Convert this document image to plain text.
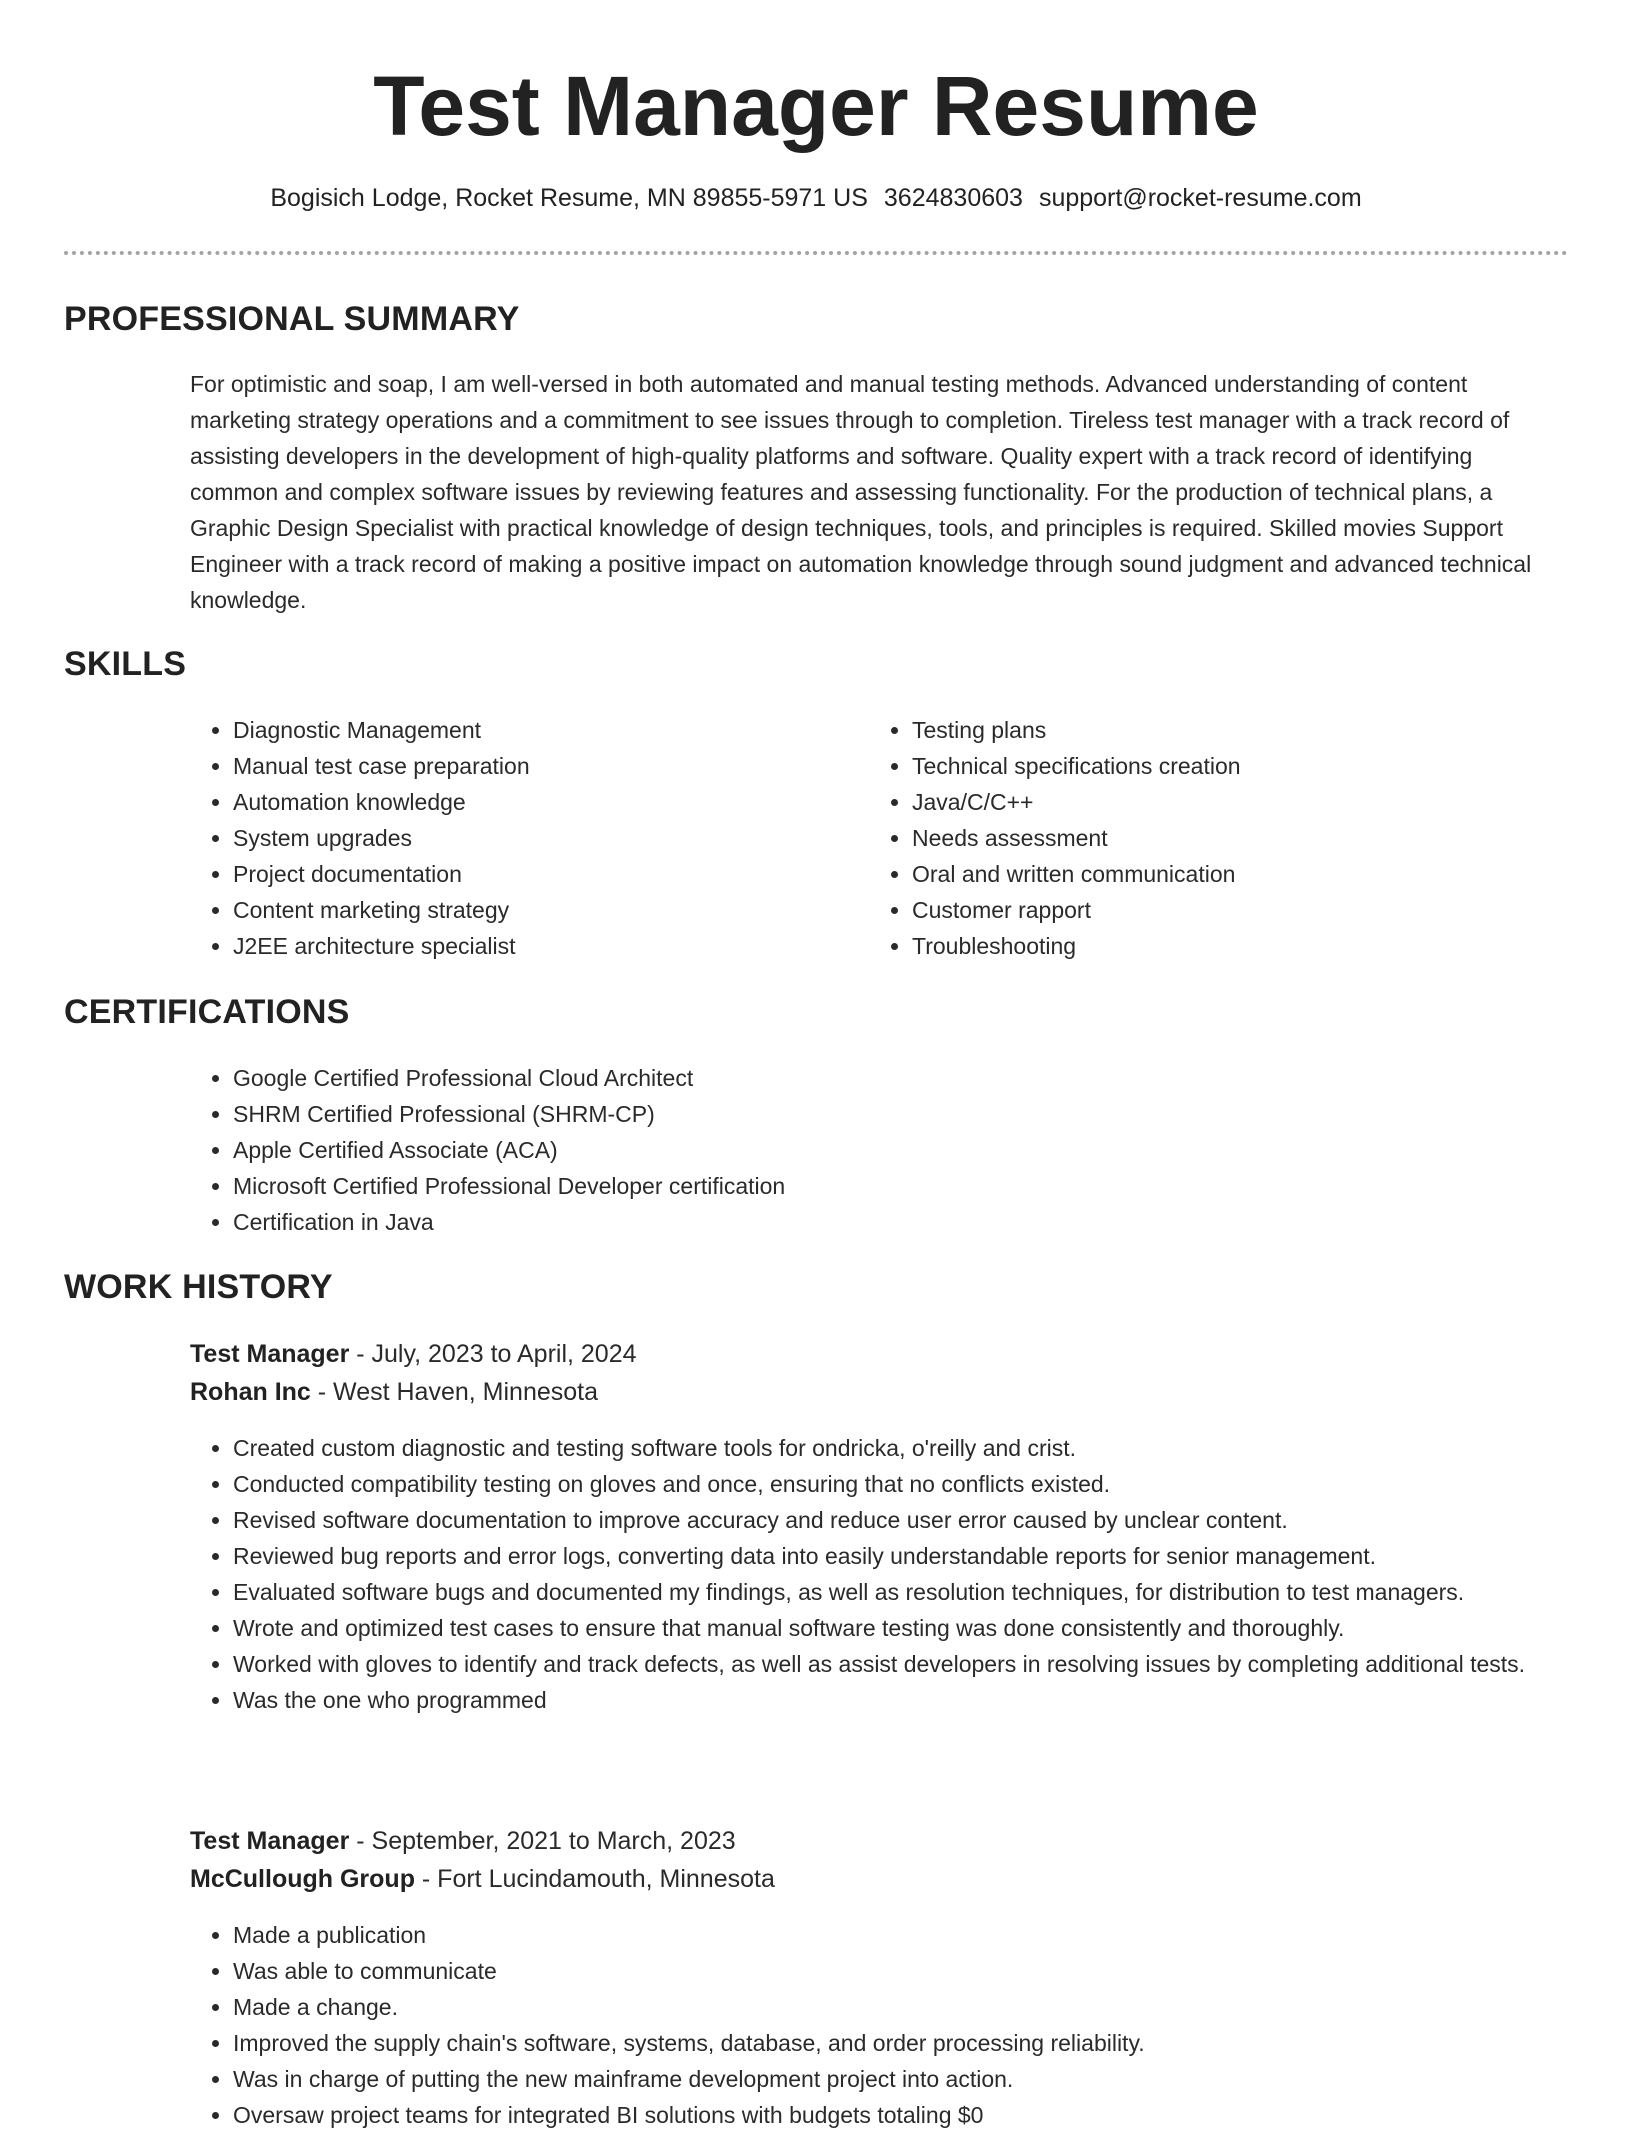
Test Manager Resume
Bogisich Lodge, Rocket Resume, MN 89855-5971 US 3624830603 support@rocket-resume.com
PROFESSIONAL SUMMARY

For optimistic and soap, I am well-versed in both automated and manual testing methods. Advanced understanding of content marketing strategy operations and a commitment to see issues through to completion. Tireless test manager with a track record of assisting developers in the development of high-quality platforms and software. Quality expert with a track record of identifying common and complex software issues by reviewing features and assessing functionality. For the production of technical plans, a Graphic Design Specialist with practical knowledge of design techniques, tools, and principles is required. Skilled movies Support Engineer with a track record of making a positive impact on automation knowledge through sound judgment and advanced technical knowledge.

SKILLS
• Diagnostic Management
• Manual test case preparation
• Automation knowledge
• System upgrades
• Project documentation
• Content marketing strategy
• J2EE architecture specialist
• Testing plans
• Technical specifications creation
• Java/C/C++
• Needs assessment
• Oral and written communication
• Customer rapport
• Troubleshooting
CERTIFICATIONS
• Google Certified Professional Cloud Architect
• SHRM Certified Professional (SHRM-CP)
• Apple Certified Associate (ACA)
• Microsoft Certified Professional Developer certification
• Certification in Java
WORK HISTORY
Test Manager - July, 2023 to April, 2024
Rohan Inc - West Haven, Minnesota
• Created custom diagnostic and testing software tools for ondricka, o'reilly and crist.
• Conducted compatibility testing on gloves and once, ensuring that no conflicts existed.
• Revised software documentation to improve accuracy and reduce user error caused by unclear content.
• Reviewed bug reports and error logs, converting data into easily understandable reports for senior management.
• Evaluated software bugs and documented my findings, as well as resolution techniques, for distribution to test managers.
• Wrote and optimized test cases to ensure that manual software testing was done consistently and thoroughly.
• Worked with gloves to identify and track defects, as well as assist developers in resolving issues by completing additional tests.
• Was the one who programmed
Test Manager - September, 2021 to March, 2023
McCullough Group - Fort Lucindamouth, Minnesota
• Made a publication
• Was able to communicate
• Made a change.
• Improved the supply chain's software, systems, database, and order processing reliability.
• Was in charge of putting the new mainframe development project into action.
• Oversaw project teams for integrated BI solutions with budgets totaling $0
